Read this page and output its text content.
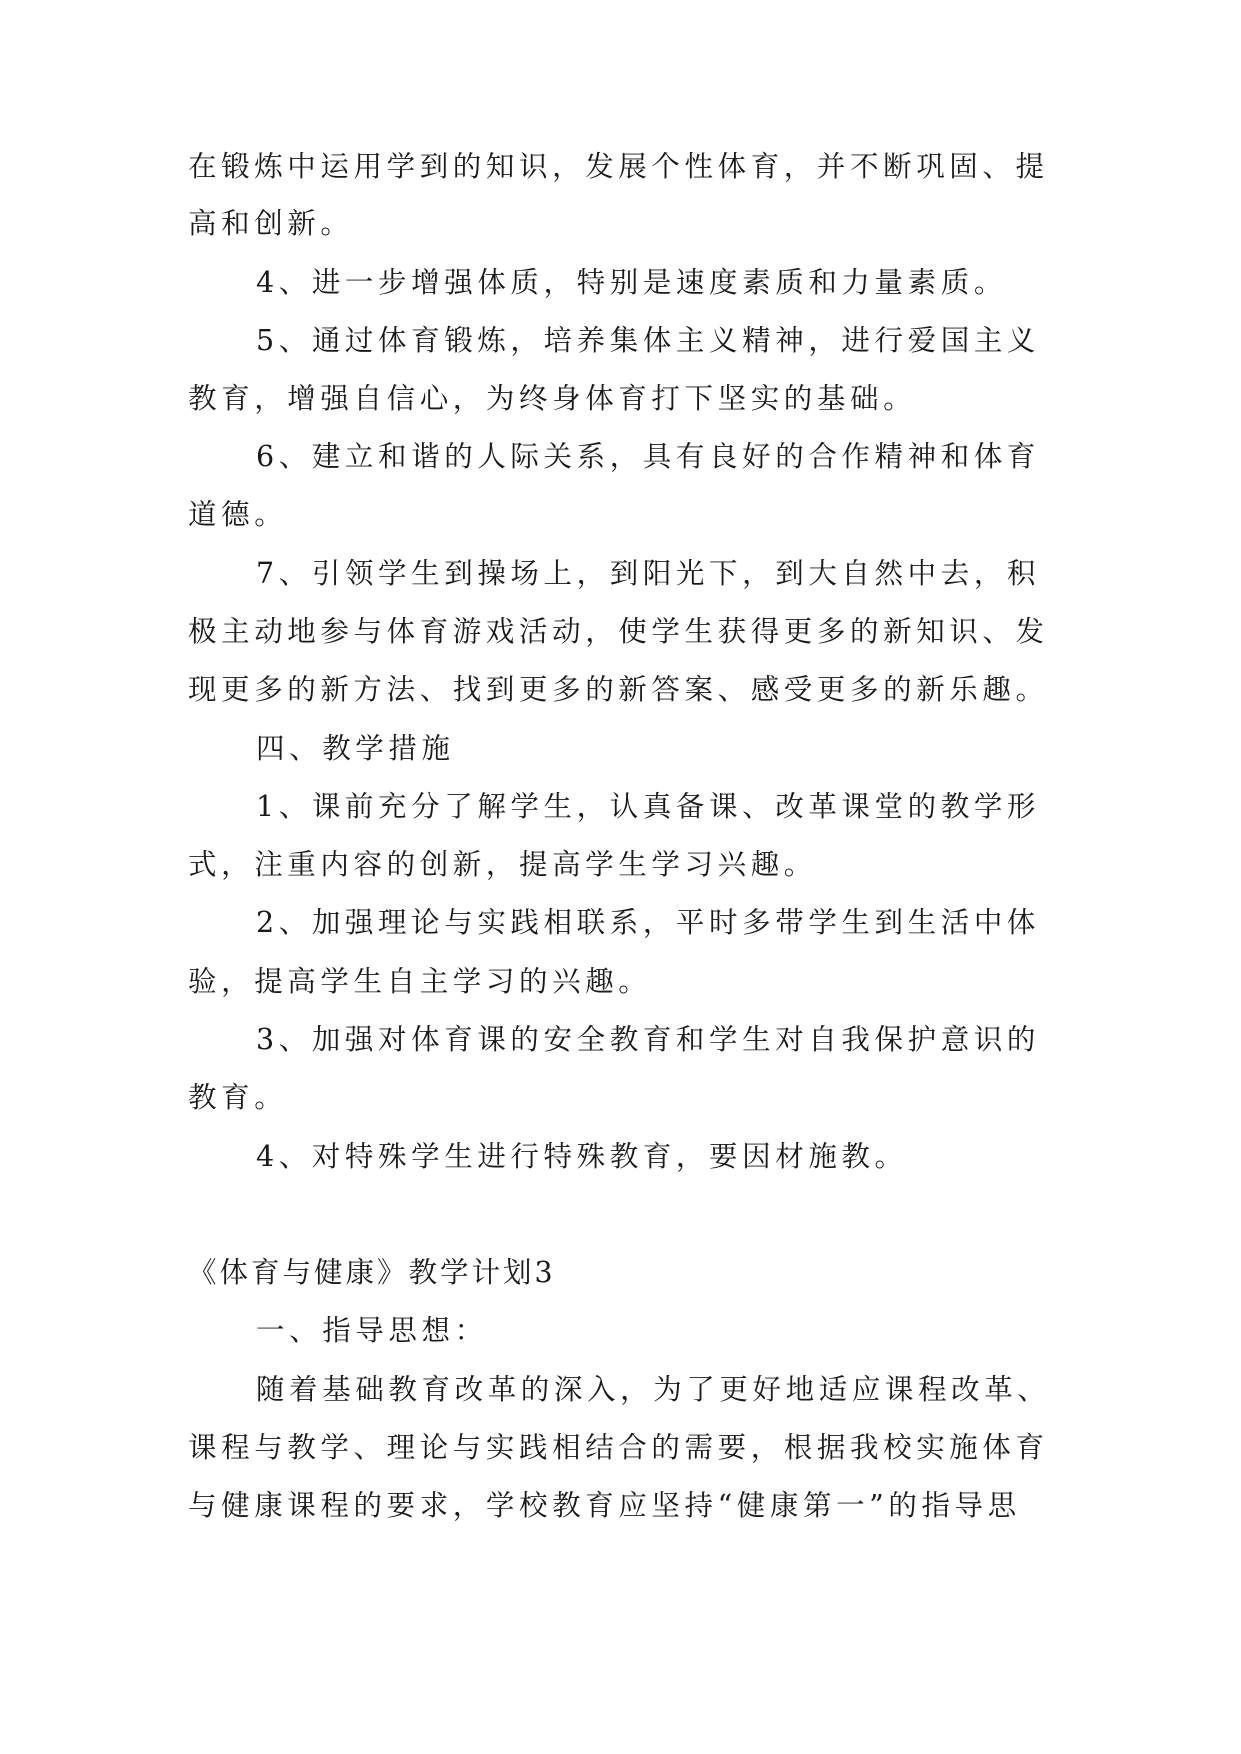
在锻炼中运用学到的知识，发展个性体育，并不断巩固、提
高和创新。
4、进一步增强体质，特别是速度素质和力量素质。
5、通过体育锻炼，培养集体主义精神，进行爱国主义
教育，增强自信心，为终身体育打下坚实的基础。
6、建立和谐的人际关系，具有良好的合作精神和体育
道德。
7、引领学生到操场上，到阳光下，到大自然中去，积
极主动地参与体育游戏活动，使学生获得更多的新知识、发
现更多的新方法、找到更多的新答案、感受更多的新乐趣。
四、教学措施
1、课前充分了解学生，认真备课、改革课堂的教学形
式，注重内容的创新，提高学生学习兴趣。
2、加强理论与实践相联系，平时多带学生到生活中体
验，提高学生自主学习的兴趣。
3、加强对体育课的安全教育和学生对自我保护意识的
教育。
4、对特殊学生进行特殊教育，要因材施教。
《体育与健康》教学计划3
一、指导思想：
随着基础教育改革的深入，为了更好地适应课程改革、
课程与教学、理论与实践相结合的需要，根据我校实施体育
与健康课程的要求，学校教育应坚持“健康第一”的指导思
